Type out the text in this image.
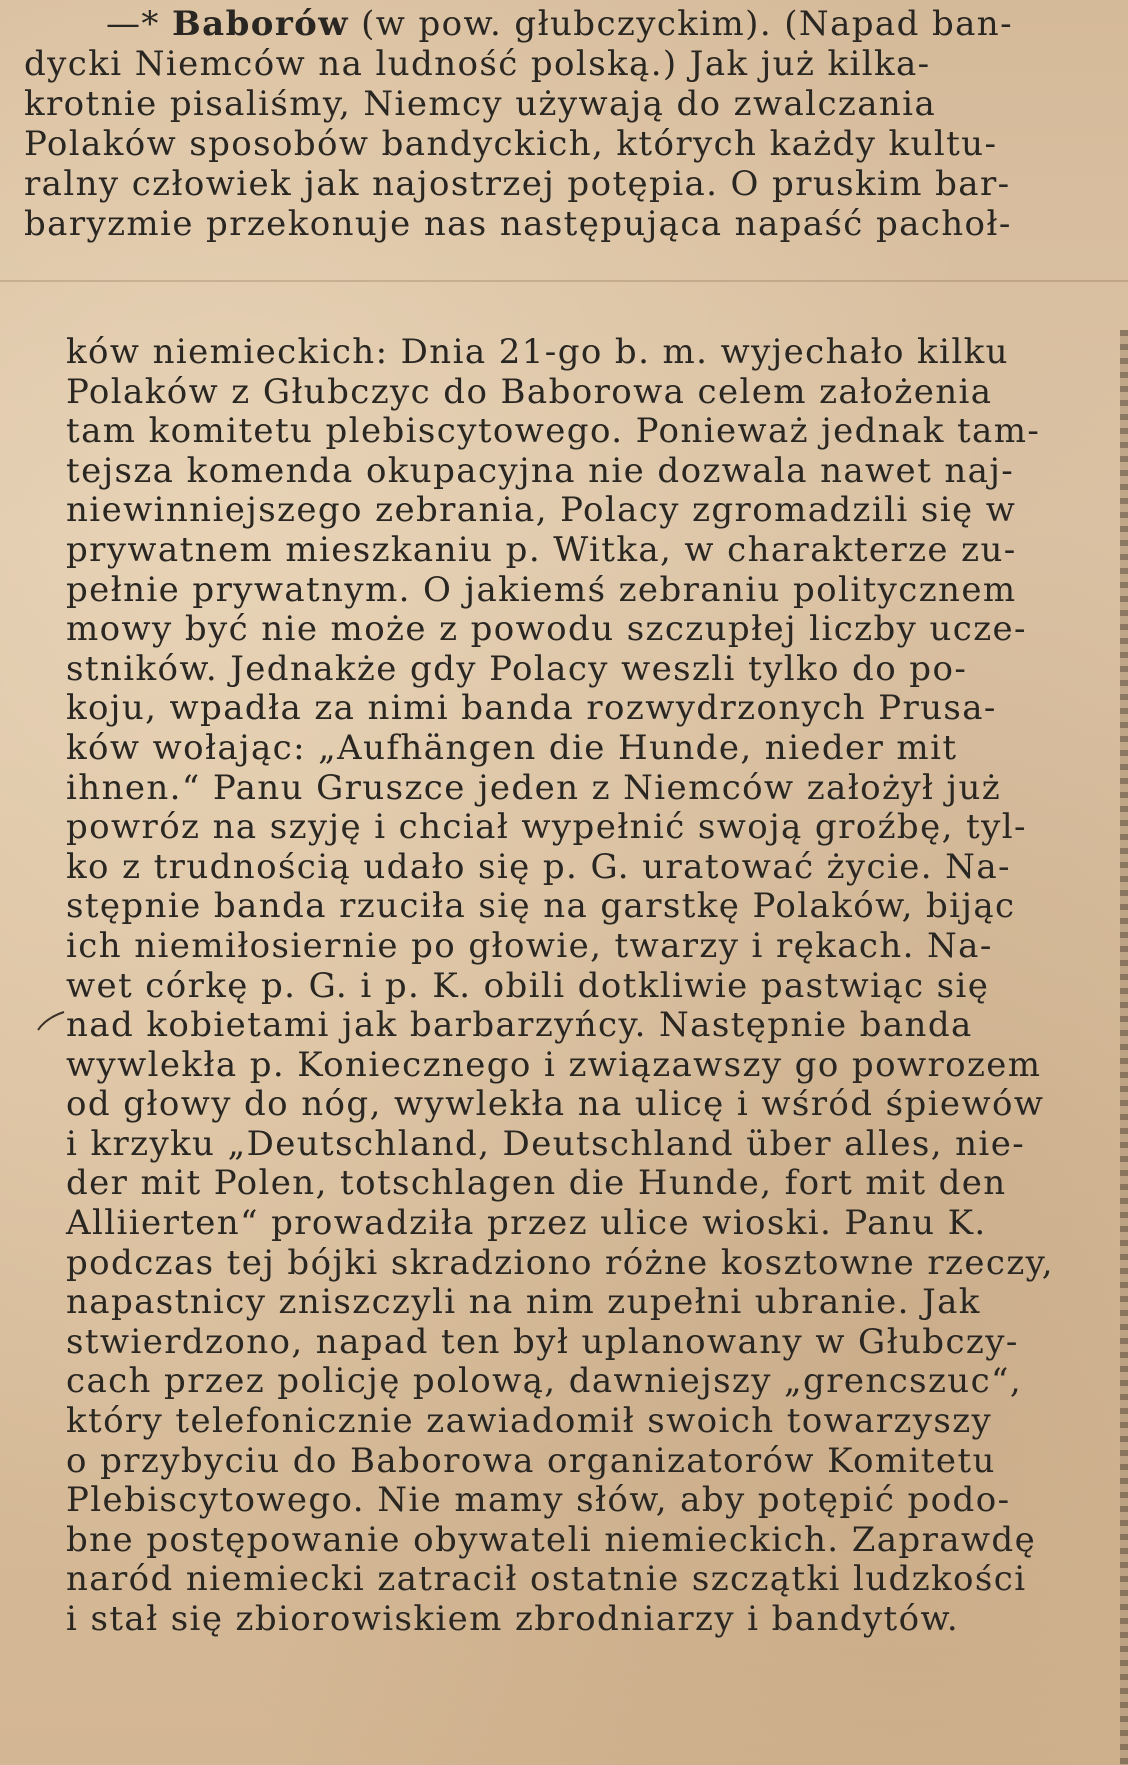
—* Baborów (w pow. głubczyckim). (Napad ban-
dycki Niemców na ludność polską.) Jak już kilka-
krotnie pisaliśmy, Niemcy używają do zwalczania
Polaków sposobów bandyckich, których każdy kultu-
ralny człowiek jak najostrzej potępia. O pruskim bar-
baryzmie przekonuje nas następująca napaść pachoł-
ków niemieckich: Dnia 21-go b. m. wyjechało kilku
Polaków z Głubczyc do Baborowa celem założenia
tam komitetu plebiscytowego. Ponieważ jednak tam-
tejsza komenda okupacyjna nie dozwala nawet naj-
niewinniejszego zebrania, Polacy zgromadzili się w
prywatnem mieszkaniu p. Witka, w charakterze zu-
pełnie prywatnym. O jakiemś zebraniu politycznem
mowy być nie może z powodu szczupłej liczby ucze-
stników. Jednakże gdy Polacy weszli tylko do po-
koju, wpadła za nimi banda rozwydrzonych Prusa-
ków wołając: „Aufhängen die Hunde, nieder mit
ihnen.“ Panu Gruszce jeden z Niemców założył już
powróz na szyję i chciał wypełnić swoją groźbę, tyl-
ko z trudnością udało się p. G. uratować życie. Na-
stępnie banda rzuciła się na garstkę Polaków, bijąc
ich niemiłosiernie po głowie, twarzy i rękach. Na-
wet córkę p. G. i p. K. obili dotkliwie pastwiąc się
nad kobietami jak barbarzyńcy. Następnie banda
wywlekła p. Koniecznego i związawszy go powrozem
od głowy do nóg, wywlekła na ulicę i wśród śpiewów
i krzyku „Deutschland, Deutschland über alles, nie-
der mit Polen, totschlagen die Hunde, fort mit den
Alliierten“ prowadziła przez ulice wioski. Panu K.
podczas tej bójki skradziono różne kosztowne rzeczy,
napastnicy zniszczyli na nim zupełni ubranie. Jak
stwierdzono, napad ten był uplanowany w Głubczy-
cach przez policję polową, dawniejszy „grencszuc“,
który telefonicznie zawiadomił swoich towarzyszy
o przybyciu do Baborowa organizatorów Komitetu
Plebiscytowego. Nie mamy słów, aby potępić podo-
bne postępowanie obywateli niemieckich. Zaprawdę
naród niemiecki zatracił ostatnie szczątki ludzkości
i stał się zbiorowiskiem zbrodniarzy i bandytów.
